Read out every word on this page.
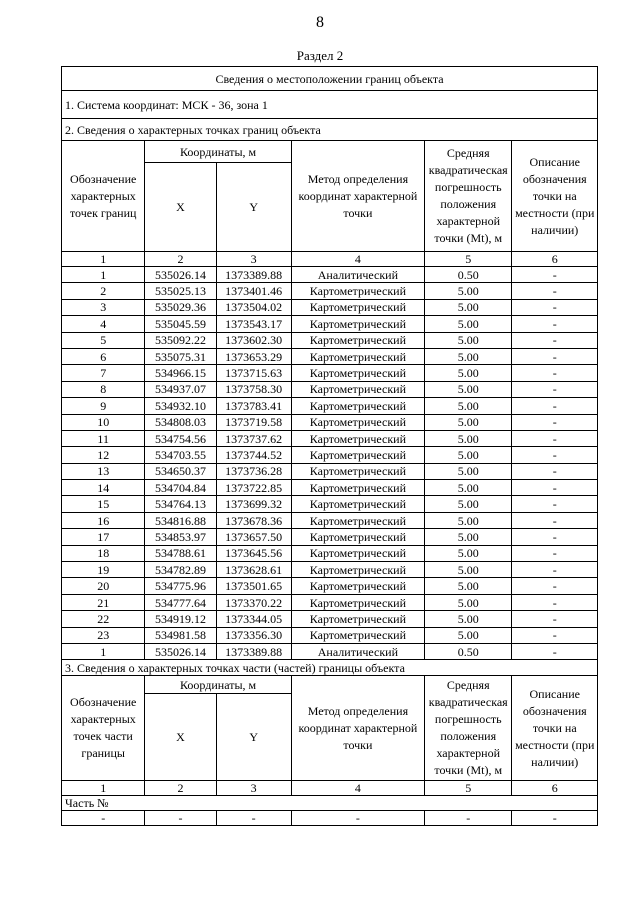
8
Раздел 2
Сведения о местоположении границ объекта					
1. Система координат: МСК - 36, зона 1					
2. Сведения о характерных точках границ объекта					
Обозначение характерных точек границ	Координаты, м		Метод определения координат характерной точки	Средняя квадратическая погрешность положения характерной точки (Mt), м	Описание обозначения точки на местности (при наличии)
	X	Y			
1	2	3	4	5	6
1	535026.14	1373389.88	Аналитический	0.50	-
2	535025.13	1373401.46	Картометрический	5.00	-
3	535029.36	1373504.02	Картометрический	5.00	-
4	535045.59	1373543.17	Картометрический	5.00	-
5	535092.22	1373602.30	Картометрический	5.00	-
6	535075.31	1373653.29	Картометрический	5.00	-
7	534966.15	1373715.63	Картометрический	5.00	-
8	534937.07	1373758.30	Картометрический	5.00	-
9	534932.10	1373783.41	Картометрический	5.00	-
10	534808.03	1373719.58	Картометрический	5.00	-
11	534754.56	1373737.62	Картометрический	5.00	-
12	534703.55	1373744.52	Картометрический	5.00	-
13	534650.37	1373736.28	Картометрический	5.00	-
14	534704.84	1373722.85	Картометрический	5.00	-
15	534764.13	1373699.32	Картометрический	5.00	-
16	534816.88	1373678.36	Картометрический	5.00	-
17	534853.97	1373657.50	Картометрический	5.00	-
18	534788.61	1373645.56	Картометрический	5.00	-
19	534782.89	1373628.61	Картометрический	5.00	-
20	534775.96	1373501.65	Картометрический	5.00	-
21	534777.64	1373370.22	Картометрический	5.00	-
22	534919.12	1373344.05	Картометрический	5.00	-
23	534981.58	1373356.30	Картометрический	5.00	-
1	535026.14	1373389.88	Аналитический	0.50	-
3. Сведения о характерных точках части (частей) границы объекта					
Обозначение характерных точек части границы	Координаты, м		Метод определения координат характерной точки	Средняя квадратическая погрешность положения характерной точки (Mt), м	Описание обозначения точки на местности (при наличии)
	X	Y			
1	2	3	4	5	6
Часть №					
-	-	-	-	-	-
